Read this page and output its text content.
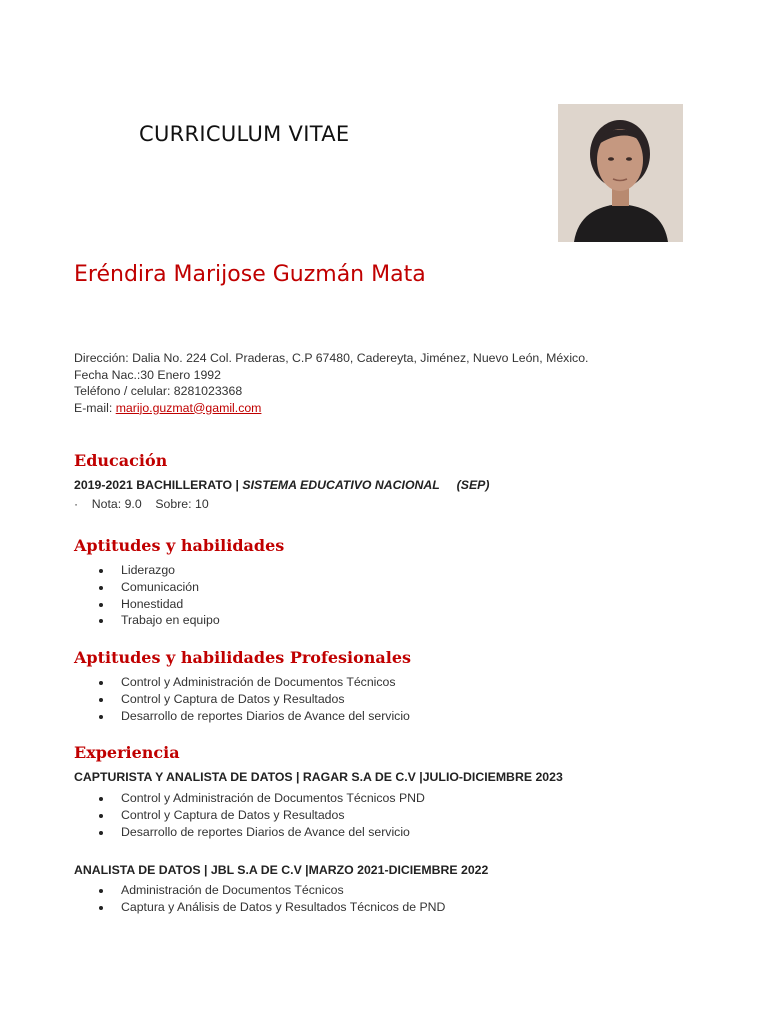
CURRICULUM VITAE
Eréndira Marijose Guzmán Mata
Dirección: Dalia No. 224 Col. Praderas, C.P 67480, Cadereyta, Jiménez, Nuevo León, México.
Fecha Nac.:30 Enero 1992
Teléfono / celular: 8281023368
E-mail: marijo.guzmat@gamil.com
Educación
2019-2021 BACHILLERATO | SISTEMA EDUCATIVO NACIONAL     (SEP)
·    Nota: 9.0    Sobre: 10
Aptitudes y habilidades
Liderazgo
Comunicación
Honestidad
Trabajo en equipo
Aptitudes y habilidades Profesionales
Control y Administración de Documentos Técnicos
Control y Captura de Datos y Resultados
Desarrollo de reportes Diarios de Avance del servicio
Experiencia
CAPTURISTA Y ANALISTA DE DATOS | RAGAR S.A DE C.V |JULIO-DICIEMBRE 2023
Control y Administración de Documentos Técnicos PND
Control y Captura de Datos y Resultados
Desarrollo de reportes Diarios de Avance del servicio
ANALISTA DE DATOS | JBL S.A DE C.V |MARZO 2021-DICIEMBRE 2022
Administración de Documentos Técnicos
Captura y Análisis de Datos y Resultados Técnicos de PND
